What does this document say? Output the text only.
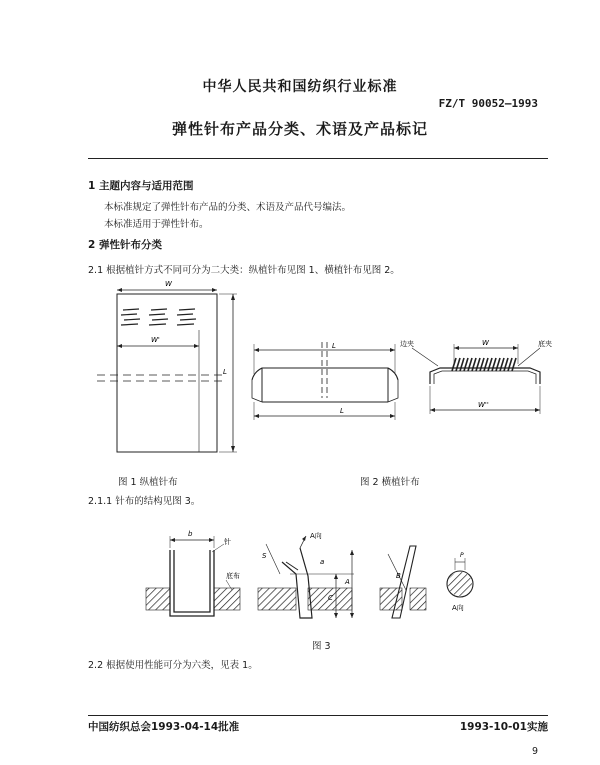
中华人民共和国纺织行业标准
FZ/T 90052—1993
弹性针布产品分类、术语及产品标记
1 主题内容与适用范围
本标准规定了弹性针布产品的分类、术语及产品代号编法。
本标准适用于弹性针布。
2 弹性针布分类
2.1 根据植针方式不同可分为二大类：纵植针布见图 1、横植针布见图 2。
W
W'
L
L
L
边夹	底夹
W
W''
图 1 纵植针布	图 2 横植针布
2.1.1 针布的结构见图 3。
b
针
底布
A向
S
a
C
A
B
P
A向
图 3
2.2 根据使用性能可分为六类，见表 1。
中国纺织总会1993-04-14批准	1993-10-01实施
9
